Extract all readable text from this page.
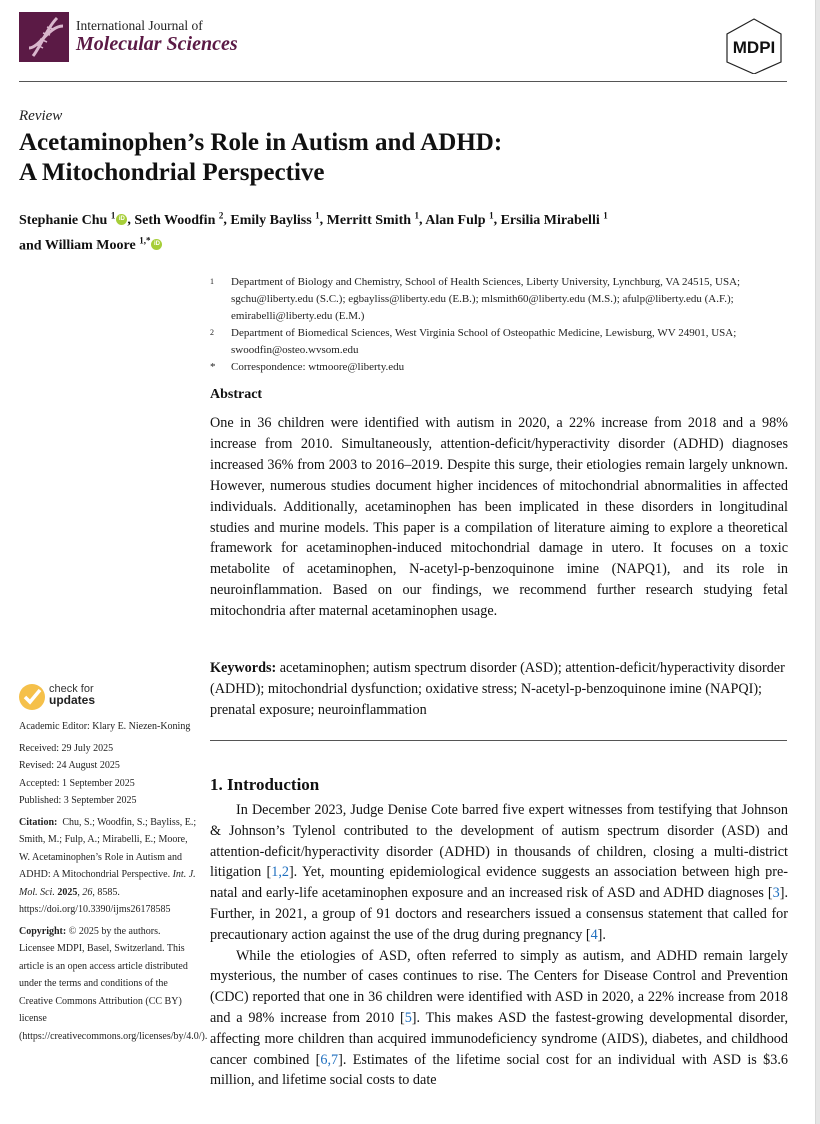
International Journal of
Molecular Sciences	MDPI
Review
Acetaminophen’s Role in Autism and ADHD:
A Mitochondrial Perspective
Stephanie Chu $^1$ iD , Seth Woodfin $^2$, Emily Bayliss $^1$, Merritt Smith $^1$, Alan Fulp $^1$, Ersilia Mirabelli $^1$
and William Moore $^{1,*}$ iD
1 Department of Biology and Chemistry, School of Health Sciences, Liberty University, Lynchburg, VA 24515, USA; sgchu@liberty.edu (S.C.); egbayliss@liberty.edu (E.B.); mlsmith60@liberty.edu (M.S.); afulp@liberty.edu (A.F.); emirabelli@liberty.edu (E.M.)
2 Department of Biomedical Sciences, West Virginia School of Osteopathic Medicine, Lewisburg, WV 24901, USA; swoodfin@osteo.wvsom.edu
* Correspondence: wtmoore@liberty.edu
Abstract
One in 36 children were identified with autism in 2020, a 22% increase from 2018 and a 98% increase from 2010. Simultaneously, attention-deficit/hyperactivity disorder (ADHD) diagnoses increased 36% from 2003 to 2016–2019. Despite this surge, their etiologies remain largely unknown. However, numerous studies document higher incidences of mitochondrial abnormalities in affected individuals. Additionally, acetaminophen has been implicated in these disorders in longitudinal studies and murine models. This paper is a compilation of literature aiming to explore a theoretical framework for acetaminophen-induced mitochondrial damage in utero. It focuses on a toxic metabolite of acetaminophen, N-acetyl-p-benzoquinone imine (NAPQ1), and its role in neuroinflammation. Based on our findings, we recommend further research studying fetal mitochondria after maternal acetaminophen usage.
Keywords: acetaminophen; autism spectrum disorder (ASD); attention-deficit/hyperactivity disorder (ADHD); mitochondrial dysfunction; oxidative stress; N-acetyl-p-benzoquinone imine (NAPQI); prenatal exposure; neuroinflammation
check for
updates
Academic Editor: Klary E. Niezen-Koning
Received: 29 July 2025
Revised: 24 August 2025
Accepted: 1 September 2025
Published: 3 September 2025
Citation: Chu, S.; Woodfin, S.; Bayliss, E.; Smith, M.; Fulp, A.; Mirabelli, E.; Moore, W. Acetaminophen’s Role in Autism and ADHD: A Mitochondrial Perspective. Int. J. Mol. Sci. 2025, 26, 8585. https://doi.org/10.3390/ijms26178585
Copyright: © 2025 by the authors. Licensee MDPI, Basel, Switzerland. This article is an open access article distributed under the terms and conditions of the Creative Commons Attribution (CC BY) license (https://creativecommons.org/licenses/by/4.0/).
1. Introduction

In December 2023, Judge Denise Cote barred five expert witnesses from testifying that Johnson & Johnson’s Tylenol contributed to the development of autism spectrum disorder (ASD) and attention-deficit/hyperactivity disorder (ADHD) in thousands of children, closing a multi-district litigation [1,2]. Yet, mounting epidemiological evidence suggests an association between high pre-natal and early-life acetaminophen exposure and an increased risk of ASD and ADHD diagnoses [3]. Further, in 2021, a group of 91 doctors and researchers issued a consensus statement that called for precautionary action against the use of the drug during pregnancy [4].

While the etiologies of ASD, often referred to simply as autism, and ADHD remain largely mysterious, the number of cases continues to rise. The Centers for Disease Control and Prevention (CDC) reported that one in 36 children were identified with ASD in 2020, a 22% increase from 2018 and a 98% increase from 2010 [5]. This makes ASD the fastest-growing developmental disorder, affecting more children than acquired immunodeficiency syndrome (AIDS), diabetes, and childhood cancer combined [6,7]. Estimates of the lifetime social cost for an individual with ASD is $3.6 million, and lifetime social costs to date
